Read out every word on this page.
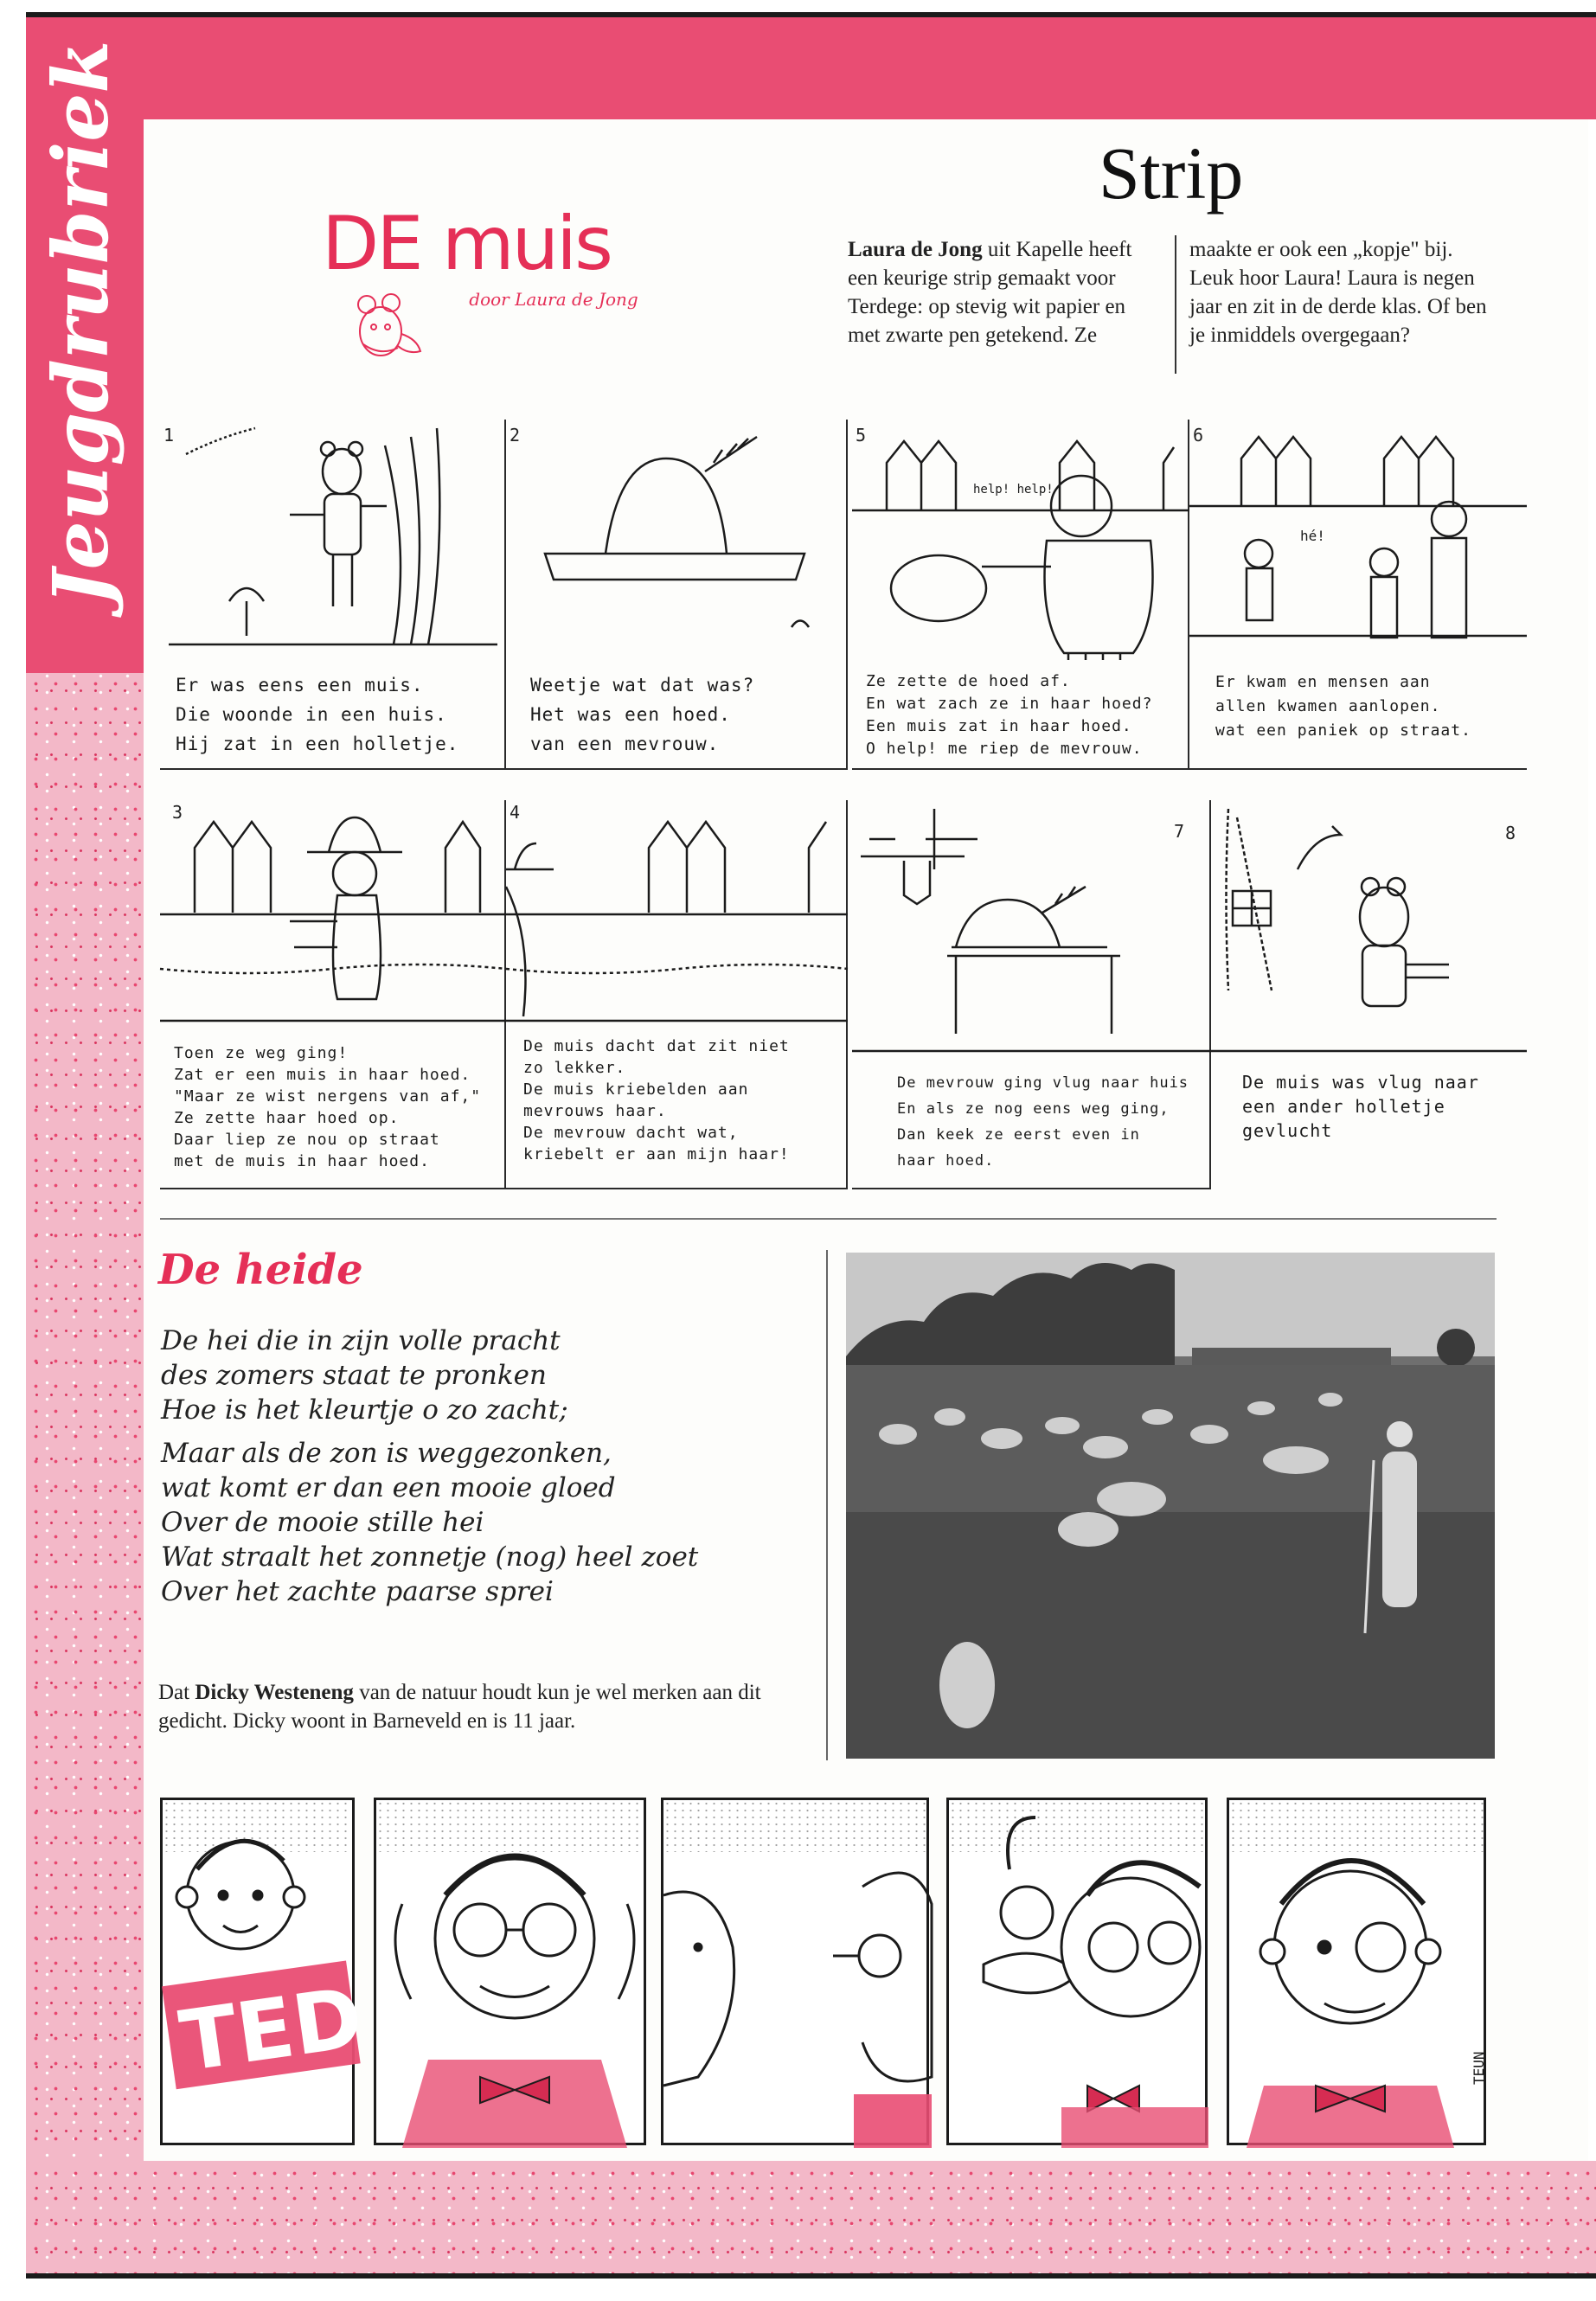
Jeugdrubriek	Strip
Laura de Jong uit Kapelle heeft een keurige strip gemaakt voor Terdege: op stevig wit papier en met zwarte pen getekend. Ze
maakte er ook een „kopje" bij. Leuk hoor Laura! Laura is negen jaar en zit in de derde klas. Of ben je inmiddels overgegaan?
DE muis
door Laura de Jong
1
Er was eens een muis.
Die woonde in een huis.
Hij zat in een holletje.
2
Weetje wat dat was?
Het was een hoed.
van een mevrouw.
5
help! help!
Ze zette de hoed af.
En wat zach ze in haar hoed?
Een muis zat in haar hoed.
O help! me riep de mevrouw.
6
hé!
Er kwam en mensen aan
allen kwamen aanlopen.
wat een paniek op straat.
3
Toen ze weg ging!
Zat er een muis in haar hoed.
"Maar ze wist nergens van af,"
Ze zette haar hoed op.
Daar liep ze nou op straat
met de muis in haar hoed.
4
De muis dacht dat zit niet
zo lekker.
De muis kriebelden aan
mevrouws haar.
De mevrouw dacht wat,
kriebelt er aan mijn haar!
7
De mevrouw ging vlug naar huis
En als ze nog eens weg ging,
Dan keek ze eerst even in
haar hoed.
8
De muis was vlug naar
een ander holletje gevlucht
De heide
De hei die in zijn volle pracht
des zomers staat te pronken
Hoe is het kleurtje o zo zacht;
Maar als de zon is weggezonken,
wat komt er dan een mooie gloed
Over de mooie stille hei
Wat straalt het zonnetje (nog) heel zoet
Over het zachte paarse sprei
Dat Dicky Westeneng van de natuur houdt kun je wel merken aan dit gedicht. Dicky woont in Barneveld en is 11 jaar.
TED	TEUN
